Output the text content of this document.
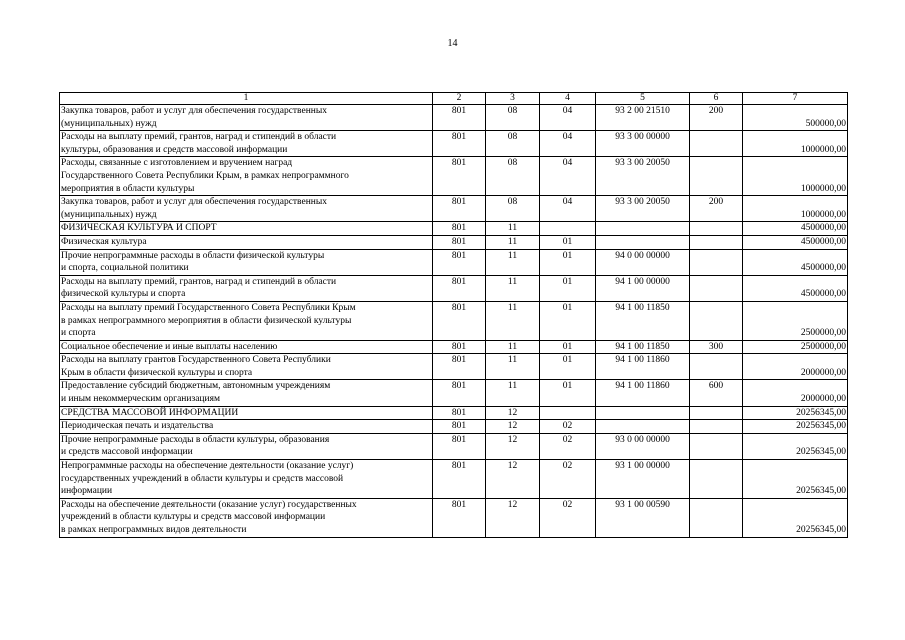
14
1	2	3	4	5	6	7

Закупка товаров, работ и услуг для обеспечения государственных
(муниципальных) нужд	801	08	04	93 2 00 21510	200	500000,00

Расходы на выплату премий, грантов, наград и стипендий в области
культуры, образования и средств массовой информации	801	08	04	93 3 00 00000		1000000,00

Расходы, связанные с изготовлением и вручением наград
Государственного Совета Республики Крым, в рамках непрограммного
мероприятия в области культуры	801	08	04	93 3 00 20050		1000000,00

Закупка товаров, работ и услуг для обеспечения государственных
(муниципальных) нужд	801	08	04	93 3 00 20050	200	1000000,00

ФИЗИЧЕСКАЯ КУЛЬТУРА И СПОРТ	801	11				4500000,00

Физическая культура	801	11	01			4500000,00

Прочие непрограммные расходы в области физической культуры
и спорта, социальной политики	801	11	01	94 0 00 00000		4500000,00

Расходы на выплату премий, грантов, наград и стипендий в области
физической культуры и спорта	801	11	01	94 1 00 00000		4500000,00

Расходы на выплату премий Государственного Совета Республики Крым
в рамках непрограммного мероприятия в области физической культуры
и спорта	801	11	01	94 1 00 11850		2500000,00

Социальное обеспечение и иные выплаты населению	801	11	01	94 1 00 11850	300	2500000,00

Расходы на выплату грантов Государственного Совета Республики
Крым в области физической культуры и спорта	801	11	01	94 1 00 11860		2000000,00

Предоставление субсидий бюджетным, автономным учреждениям
и иным некоммерческим организациям	801	11	01	94 1 00 11860	600	2000000,00

СРЕДСТВА МАССОВОЙ ИНФОРМАЦИИ	801	12				20256345,00

Периодическая печать и издательства	801	12	02			20256345,00

Прочие непрограммные расходы в области культуры, образования
и средств массовой информации	801	12	02	93 0 00 00000		20256345,00

Непрограммные расходы на обеспечение деятельности (оказание услуг)
государственных учреждений в области культуры и средств массовой
информации	801	12	02	93 1 00 00000		20256345,00

Расходы на обеспечение деятельности (оказание услуг) государственных
учреждений в области культуры и средств массовой информации
в рамках непрограммных видов деятельности	801	12	02	93 1 00 00590		20256345,00
